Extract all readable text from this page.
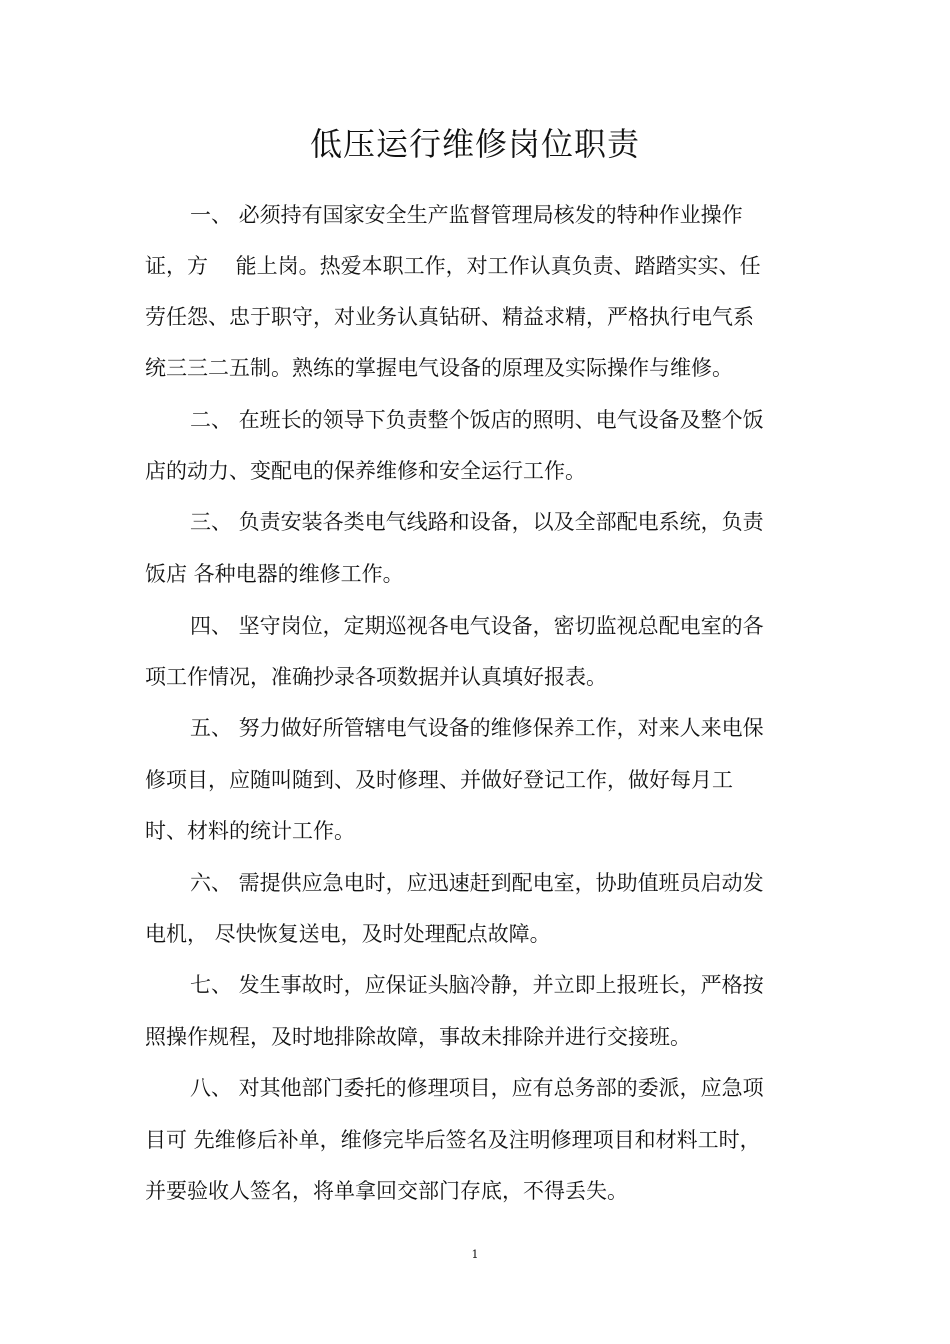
低压运行维修岗位职责
一、 必须持有国家安全生产监督管理局核发的特种作业操作
证，方 　能上岗。热爱本职工作，对工作认真负责、踏踏实实、任
劳任怨、忠于职守，对业务认真钻研、精益求精，严格执行电气系
统三三二五制。熟练的掌握电气设备的原理及实际操作与维修。
二、 在班长的领导下负责整个饭店的照明、电气设备及整个饭
店的动力、变配电的保养维修和安全运行工作。
三、 负责安装各类电气线路和设备，以及全部配电系统，负责
饭店 各种电器的维修工作。
四、 坚守岗位，定期巡视各电气设备，密切监视总配电室的各
项工作情况，准确抄录各项数据并认真填好报表。
五、 努力做好所管辖电气设备的维修保养工作，对来人来电保
修项目，应随叫随到、及时修理、并做好登记工作，做好每月工
时、材料的统计工作。
六、 需提供应急电时，应迅速赶到配电室，协助值班员启动发
电机， 尽快恢复送电，及时处理配点故障。
七、 发生事故时，应保证头脑冷静，并立即上报班长，严格按
照操作规程，及时地排除故障，事故未排除并进行交接班。
八、 对其他部门委托的修理项目，应有总务部的委派，应急项
目可 先维修后补单，维修完毕后签名及注明修理项目和材料工时，
并要验收人签名，将单拿回交部门存底，不得丢失。
1
